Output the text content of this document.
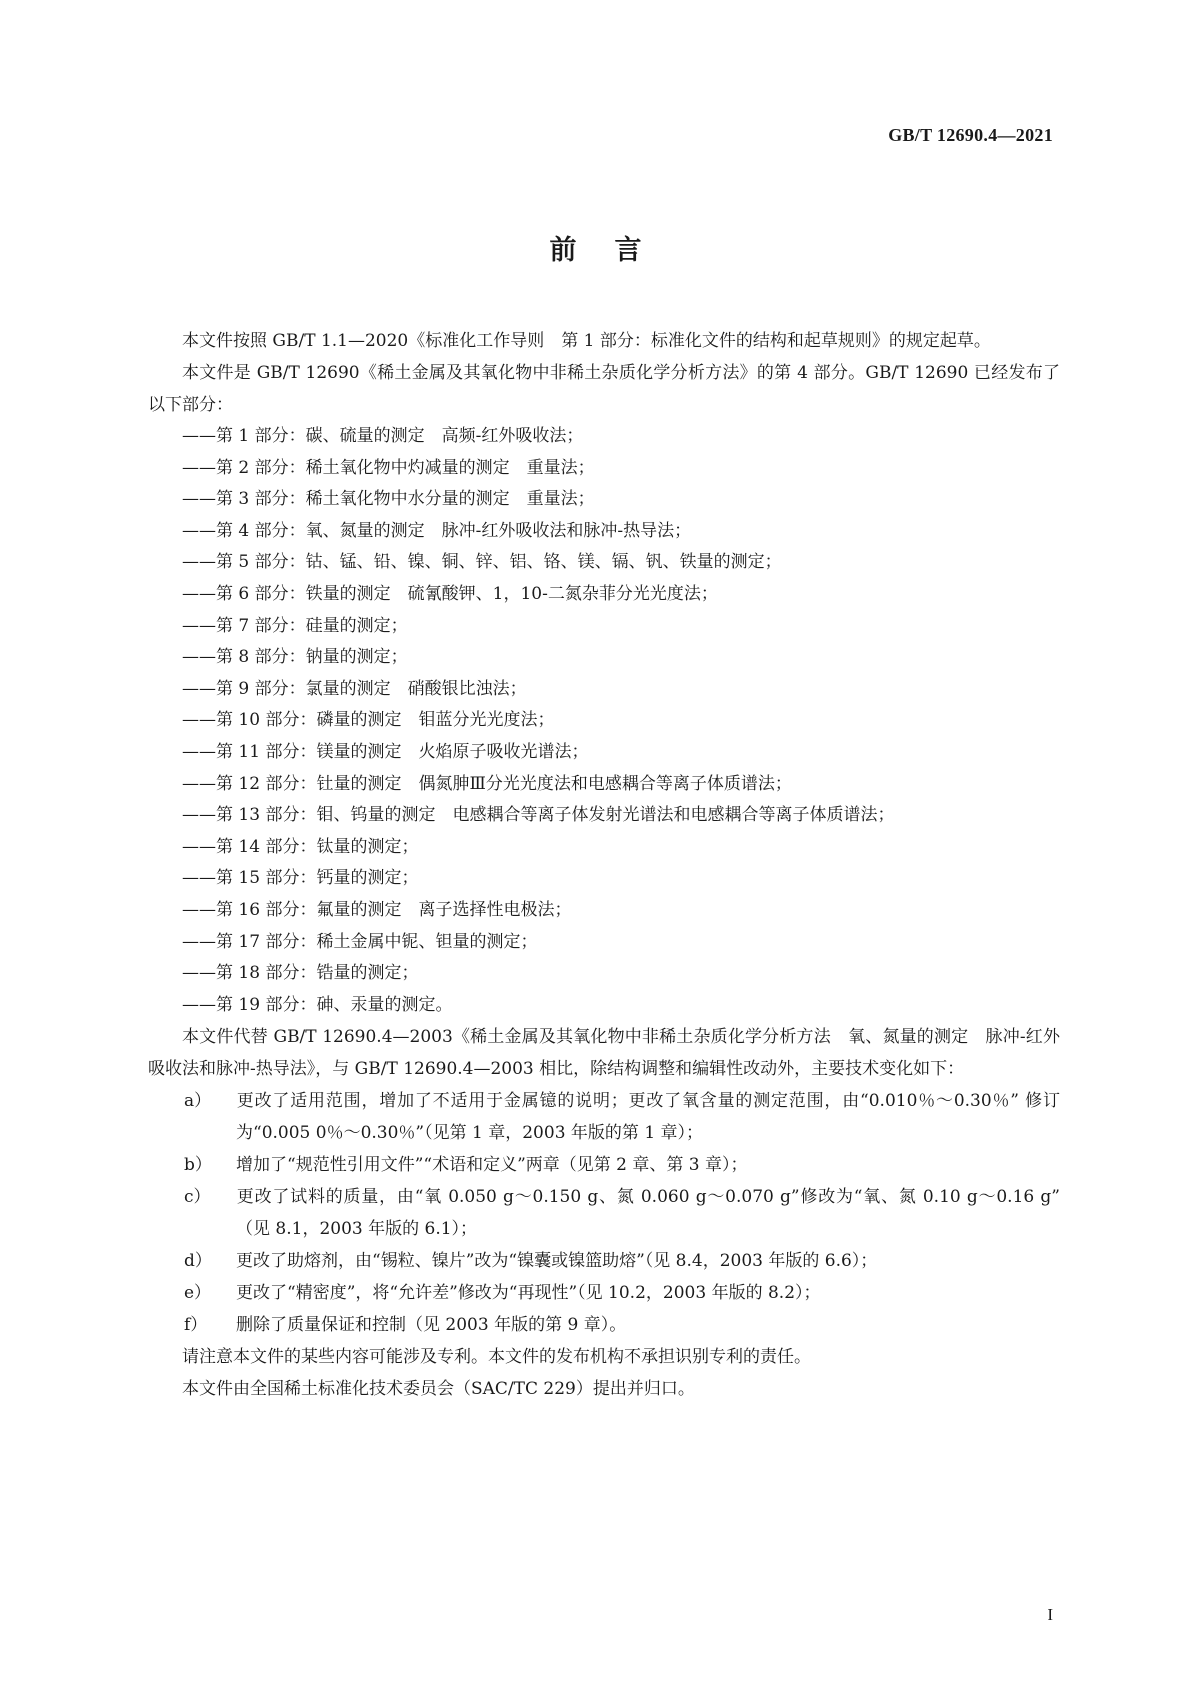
GB/T 12690.4—2021
前言

本文件按照 GB/T 1.1—2020《标准化工作导则　第 1 部分：标准化文件的结构和起草规则》的规定起草。

本文件是 GB/T 12690《稀土金属及其氧化物中非稀土杂质化学分析方法》的第 4 部分。GB/T 12690 已经发布了以下部分：

——第 1 部分：碳、硫量的测定　高频-红外吸收法；
——第 2 部分：稀土氧化物中灼减量的测定　重量法；
——第 3 部分：稀土氧化物中水分量的测定　重量法；
——第 4 部分：氧、氮量的测定　脉冲-红外吸收法和脉冲-热导法；
——第 5 部分：钴、锰、铅、镍、铜、锌、铝、铬、镁、镉、钒、铁量的测定；
——第 6 部分：铁量的测定　硫氰酸钾、1，10-二氮杂菲分光光度法；
——第 7 部分：硅量的测定；
——第 8 部分：钠量的测定；
——第 9 部分：氯量的测定　硝酸银比浊法；
——第 10 部分：磷量的测定　钼蓝分光光度法；
——第 11 部分：镁量的测定　火焰原子吸收光谱法；
——第 12 部分：钍量的测定　偶氮胂Ⅲ分光光度法和电感耦合等离子体质谱法；
——第 13 部分：钼、钨量的测定　电感耦合等离子体发射光谱法和电感耦合等离子体质谱法；
——第 14 部分：钛量的测定；
——第 15 部分：钙量的测定；
——第 16 部分：氟量的测定　离子选择性电极法；
——第 17 部分：稀土金属中铌、钽量的测定；
——第 18 部分：锆量的测定；
——第 19 部分：砷、汞量的测定。

本文件代替 GB/T 12690.4—2003《稀土金属及其氧化物中非稀土杂质化学分析方法　氧、氮量的测定　脉冲-红外吸收法和脉冲-热导法》，与 GB/T 12690.4—2003 相比，除结构调整和编辑性改动外，主要技术变化如下：

a） 更改了适用范围，增加了不适用于金属镱的说明；更改了氧含量的测定范围，由“0.010％～0.30％” 修订为“0.005 0％～0.30％”（见第 1 章，2003 年版的第 1 章）；
b） 增加了“规范性引用文件”“术语和定义”两章（见第 2 章、第 3 章）；
c） 更改了试料的质量，由“氧 0.050 g～0.150 g、氮 0.060 g～0.070 g”修改为“氧、氮 0.10 g～0.16 g” （见 8.1，2003 年版的 6.1）；
d） 更改了助熔剂，由“锡粒、镍片”改为“镍囊或镍篮助熔”（见 8.4，2003 年版的 6.6）；
e） 更改了“精密度”，将“允许差”修改为“再现性”（见 10.2，2003 年版的 8.2）；
f） 删除了质量保证和控制（见 2003 年版的第 9 章）。

请注意本文件的某些内容可能涉及专利。本文件的发布机构不承担识别专利的责任。

本文件由全国稀土标准化技术委员会（SAC/TC 229）提出并归口。

I
